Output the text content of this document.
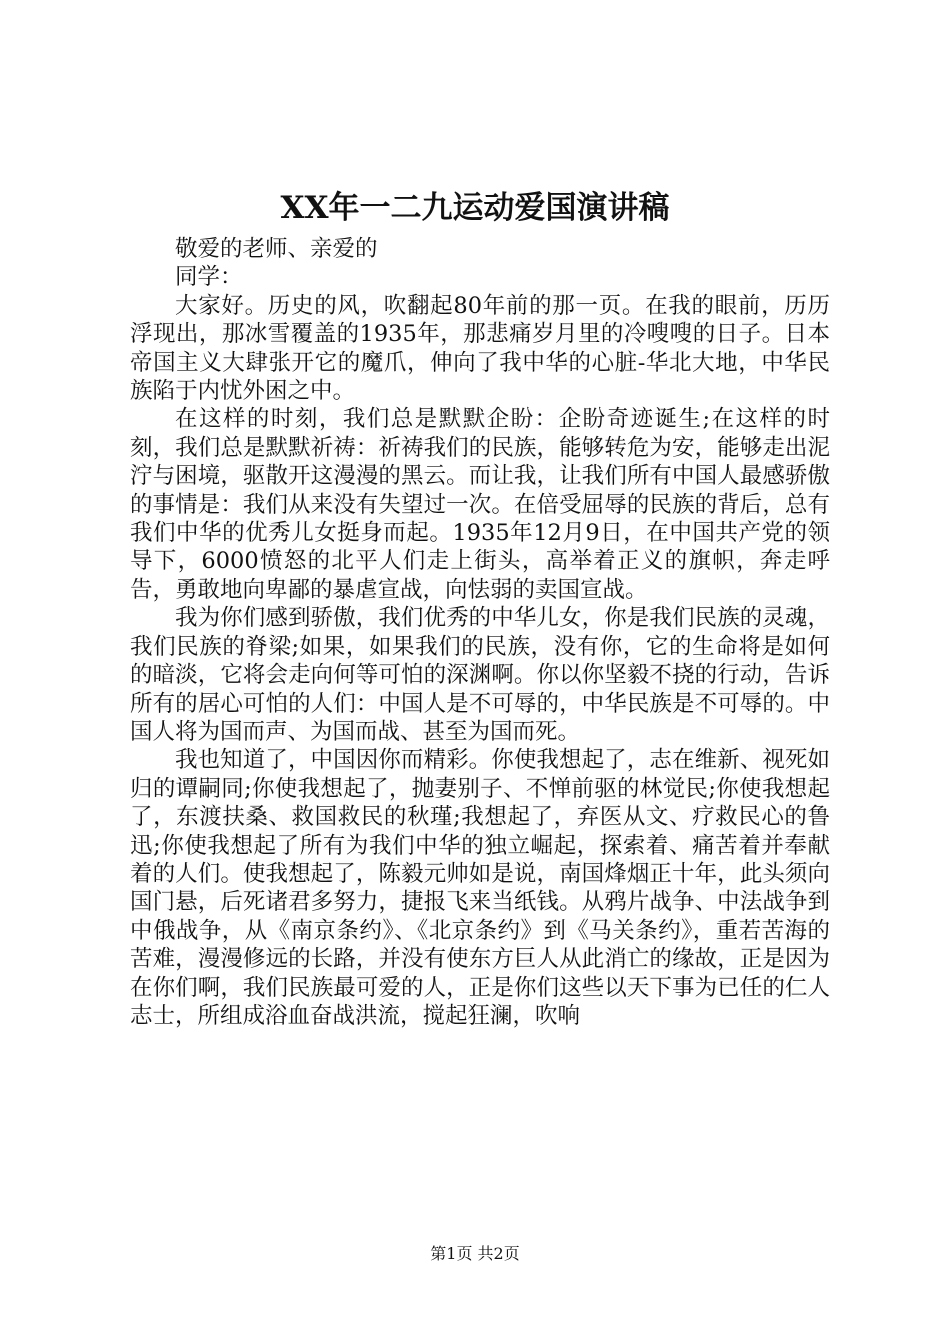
XX年一二九运动爱国演讲稿

敬爱的老师、亲爱的

同学：

大家好。历史的风，吹翻起80年前的那一页。在我的眼前，历历浮现出，那冰雪覆盖的1935年，那悲痛岁月里的冷嗖嗖的日子。日本帝国主义大肆张开它的魔爪，伸向了我中华的心脏-华北大地，中华民族陷于内忧外困之中。

在这样的时刻，我们总是默默企盼：企盼奇迹诞生;在这样的时刻，我们总是默默祈祷：祈祷我们的民族，能够转危为安，能够走出泥泞与困境，驱散开这漫漫的黑云。而让我，让我们所有中国人最感骄傲的事情是：我们从来没有失望过一次。在倍受屈辱的民族的背后，总有我们中华的优秀儿女挺身而起。1935年12月9日，在中国共产党的领导下，6000愤怒的北平人们走上街头，高举着正义的旗帜，奔走呼告，勇敢地向卑鄙的暴虐宣战，向怯弱的卖国宣战。

我为你们感到骄傲，我们优秀的中华儿女，你是我们民族的灵魂，我们民族的脊梁;如果，如果我们的民族，没有你，它的生命将是如何的暗淡，它将会走向何等可怕的深渊啊。你以你坚毅不挠的行动，告诉所有的居心可怕的人们：中国人是不可辱的，中华民族是不可辱的。中国人将为国而声、为国而战、甚至为国而死。

我也知道了，中国因你而精彩。你使我想起了，志在维新、视死如归的谭嗣同;你使我想起了，抛妻别子、不惮前驱的林觉民;你使我想起了，东渡扶桑、救国救民的秋瑾;我想起了，弃医从文、疗救民心的鲁迅;你使我想起了所有为我们中华的独立崛起，探索着、痛苦着并奉献着的人们。使我想起了，陈毅元帅如是说，南国烽烟正十年，此头须向国门悬，后死诸君多努力，捷报飞来当纸钱。从鸦片战争、中法战争到中俄战争，从《南京条约》、《北京条约》到《马关条约》，重若苦海的苦难，漫漫修远的长路，并没有使东方巨人从此消亡的缘故，正是因为在你们啊，我们民族最可爱的人，正是你们这些以天下事为已任的仁人志士，所组成浴血奋战洪流，搅起狂澜，吹响

第1页 共2页
